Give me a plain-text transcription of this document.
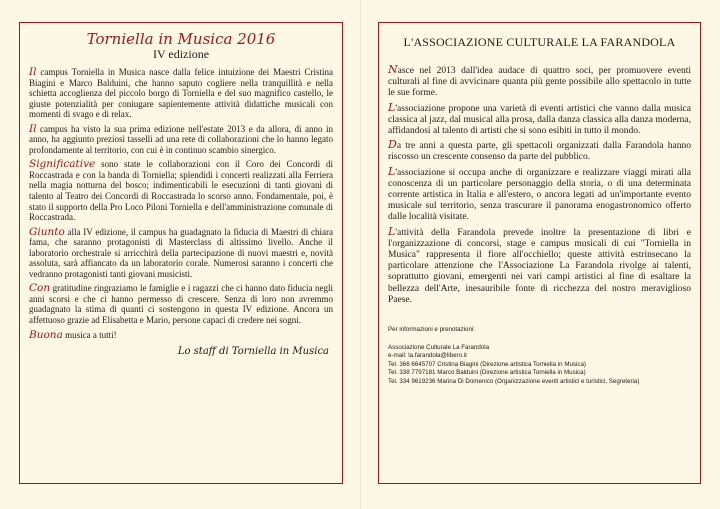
Torniella in Musica 2016
IV edizione

Il campus Torniella in Musica nasce dalla felice intuizione dei Maestri Cristina Biagini e Marco Balduini, che hanno saputo cogliere nella tranquillità e nella schietta accoglienza del piccolo borgo di Torniella e del suo magnifico castello, le giuste potenzialità per coniugare sapientemente attività didattiche musicali con momenti di svago e di relax.

Il campus ha visto la sua prima edizione nell'estate 2013 e da allora, di anno in anno, ha aggiunto preziosi tasselli ad una rete di collaborazioni che lo hanno legato profondamente al territorio, con cui è in continuo scambio sinergico.

Significative sono state le collaborazioni con il Coro dei Concordi di Roccastrada e con la banda di Torniella; splendidi i concerti realizzati alla Ferriera nella magia notturna del bosco; indimenticabili le esecuzioni di tanti giovani di talento al Teatro dei Concordi di Roccastrada lo scorso anno. Fondamentale, poi, è stato il supporto della Pro Loco Piloni Torniella e dell'amministrazione comunale di Roccastrada.

Giunto alla IV edizione, il campus ha guadagnato la fiducia di Maestri di chiara fama, che saranno protagonisti di Masterclass di altissimo livello. Anche il laboratorio orchestrale si arricchirà della partecipazione di nuovi maestri e, novità assoluta, sarà affiancato da un laboratorio corale. Numerosi saranno i concerti che vedranno protagonisti tanti giovani musicisti.

Con gratitudine ringraziamo le famiglie e i ragazzi che ci hanno dato fiducia negli anni scorsi e che ci hanno permesso di crescere. Senza di loro non avremmo guadagnato la stima di quanti ci sostengono in questa IV edizione. Ancora un affettuoso grazie ad Elisabetta e Mario, persone capaci di credere nei sogni.

Buona musica a tutti!

Lo staff di Torniella in Musica
L'ASSOCIAZIONE CULTURALE LA FARANDOLA

Nasce nel 2013 dall'idea audace di quattro soci, per promuovere eventi culturali al fine di avvicinare quanta più gente possibile allo spettacolo in tutte le sue forme.

L'associazione propone una varietà di eventi artistici che vanno dalla musica classica al jazz, dal musical alla prosa, dalla danza classica alla danza moderna, affidandosi al talento di artisti che si sono esibiti in tutto il mondo.

Da tre anni a questa parte, gli spettacoli organizzati dalla Farandola hanno riscosso un crescente consenso da parte del pubblico.

L'associazione si occupa anche di organizzare e realizzare viaggi mirati alla conoscenza di un particolare personaggio della storia, o di una determinata corrente artistica in Italia e all'estero, o ancora legati ad un'importante evento musicale sul territorio, senza trascurare il panorama enogastronomico offerto dalle località visitate.

L'attività della Farandola prevede inoltre la presentazione di libri e l'organizzazione di concorsi, stage e campus musicali di cui "Torniella in Musica" rappresenta il fiore all'occhiello; queste attività estrinsecano la particolare attenzione che l'Associazione La Farandola rivolge ai talenti, soprattutto giovani, emergenti nei vari campi artistici al fine di esaltare la bellezza dell'Arte, inesauribile fonte di ricchezza del nostro meraviglioso Paese.

Per informazioni e prenotazioni:
Associazione Culturale La Farandola
e-mail: la.farandola@libero.it
Tel. 366 6645707 Cristina Biagini (Direzione artistica Torniella in Musica)
Tel. 338 7797181 Marco Balduini (Direzione artistica Torniella in Musica)
Tel. 334 9619236 Marina Di Domenico (Organizzazione eventi artistici e turistici, Segreteria)
